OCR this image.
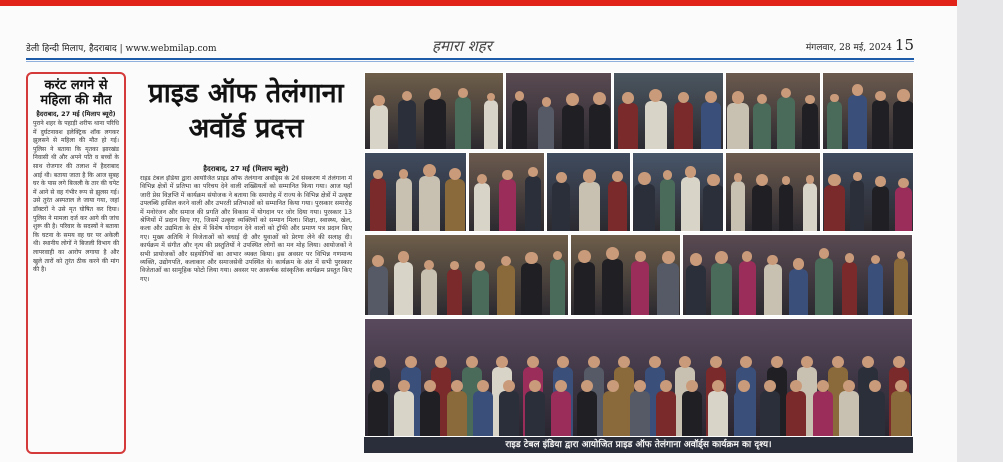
डेली हिन्दी मिलाप, हैदराबाद | www.webmilap.com	हमारा शहर	मंगलवार, 28 मई, 2024 15
करंट लगने से महिला की मौत
हैदराबाद, 27 मई (मिलाप ब्यूरो)
पुराने शहर के पहाड़ी शरीफ थाना परिधि में दुर्घटनावश इलेक्ट्रिक शॉक लगकर झुलसने से महिला की मौत हो गई। पुलिस ने बताया कि मृतका झारखंड निवासी थी और अपने पति व बच्चों के साथ रोजगार की तलाश में हैदराबाद आई थी। बताया जाता है कि आज सुबह घर के पास लगे बिजली के तार की चपेट में आने से वह गंभीर रूप से झुलस गई। उसे तुरंत अस्पताल ले जाया गया, जहां डॉक्टरों ने उसे मृत घोषित कर दिया। पुलिस ने मामला दर्ज कर आगे की जांच शुरू की है। परिवार के सदस्यों ने बताया कि घटना के समय वह घर पर अकेली थी। स्थानीय लोगों ने बिजली विभाग की लापरवाही का आरोप लगाया है और खुले तारों को तुरंत ठीक करने की मांग की है।
प्राइड ऑफ तेलंगाना अवॉर्ड प्रदत्त
हैदराबाद, 27 मई (मिलाप ब्यूरो)
राइड टेबल इंडिया द्वारा आयोजित प्राइड ऑफ तेलंगाना अवॉर्ड्स के 2वें संस्करण में तेलंगाना में विभिन्न क्षेत्रों में प्रतिभा का परिचय देने वाली शख्सियतों को सम्मानित किया गया। आज यहाँ जारी प्रेस विज्ञप्ति में कार्यक्रम संयोजक ने बताया कि समारोह में राज्य के विभिन्न क्षेत्रों में उत्कृष्ट उपलब्धि हासिल करने वाली और उभरती प्रतिभाओं को सम्मानित किया गया। पुरस्कार समारोह में मनोरंजन और समाज की प्रगति और विकास में योगदान पर जोर दिया गया। पुरस्कार 13 श्रेणियों में प्रदान किए गए, जिसमें उत्कृष्ट व्यक्तियों को सम्मान मिला। शिक्षा, स्वास्थ्य, खेल, कला और उद्यमिता के क्षेत्र में विशेष योगदान देने वालों को ट्रॉफी और प्रमाण पत्र प्रदान किए गए। मुख्य अतिथि ने विजेताओं को बधाई दी और युवाओं को प्रेरणा लेने की सलाह दी। कार्यक्रम में संगीत और नृत्य की प्रस्तुतियों ने उपस्थित लोगों का मन मोह लिया। आयोजकों ने सभी प्रायोजकों और सहयोगियों का आभार व्यक्त किया। इस अवसर पर विभिन्न गणमान्य व्यक्ति, उद्योगपति, कलाकार और समाजसेवी उपस्थित थे। कार्यक्रम के अंत में सभी पुरस्कार विजेताओं का सामूहिक फोटो लिया गया। अवसर पर आकर्षक सांस्कृतिक कार्यक्रम प्रस्तुत किए गए।
राइड टेबल इंडिया द्वारा आयोजित प्राइड ऑफ तेलंगाना अवॉर्ड्स कार्यक्रम का दृश्य।
